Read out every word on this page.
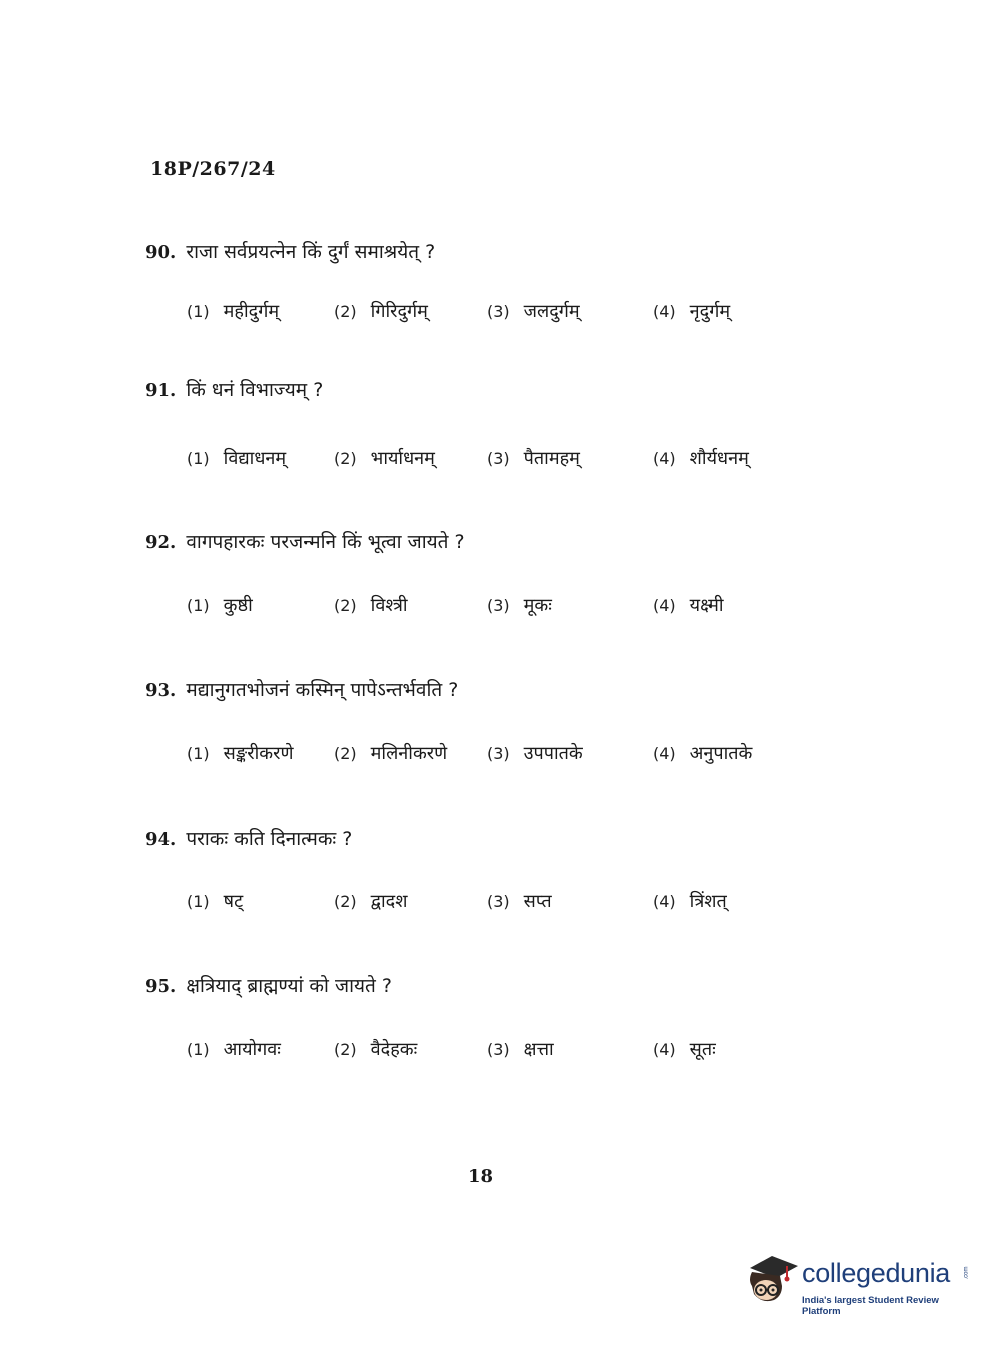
18P/267/24
90. राजा सर्वप्रयत्नेन किं दुर्गं समाश्रयेत् ?
(1) महीदुर्गम्	(2) गिरिदुर्गम्	(3) जलदुर्गम्	(4) नृदुर्गम्
91. किं धनं विभाज्यम् ?
(1) विद्याधनम्	(2) भार्याधनम्	(3) पैतामहम्	(4) शौर्यधनम्
92. वागपहारकः परजन्मनि किं भूत्वा जायते ?
(1) कुष्ठी	(2) विश्त्री	(3) मूकः	(4) यक्ष्मी
93. मद्यानुगतभोजनं कस्मिन् पापेऽन्तर्भवति ?
(1) सङ्करीकरणे	(2) मलिनीकरणे (3) उपपातके	(4) अनुपातके
94. पराकः कति दिनात्मकः ?
(1) षट्	(2) द्वादश	(3) सप्त	(4) त्रिंशत्
95. क्षत्रियाद् ब्राह्मण्यां को जायते ?
(1) आयोगवः	(2) वैदेहकः	(3) क्षत्ता	(4) सूतः
18
collegedunia .com
India's largest Student Review Platform
